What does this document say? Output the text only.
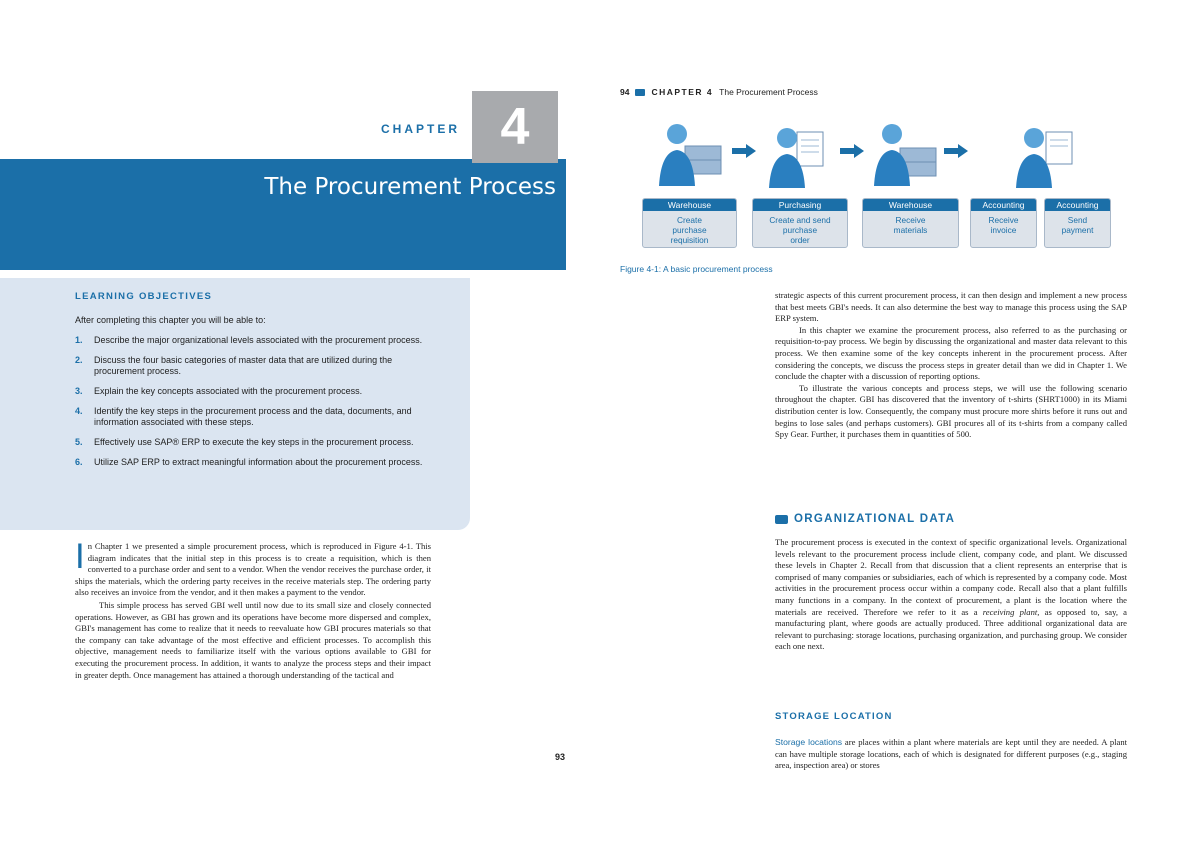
CHAPTER 4
The Procurement Process
LEARNING OBJECTIVES
After completing this chapter you will be able to:
1.	Describe the major organizational levels associated with the procurement process.
2.	Discuss the four basic categories of master data that are utilized during the procurement process.
3.	Explain the key concepts associated with the procurement process.
4.	Identify the key steps in the procurement process and the data, documents, and information associated with these steps.
5.	Effectively use SAP® ERP to execute the key steps in the procurement process.
6.	Utilize SAP ERP to extract meaningful information about the procurement process.

In Chapter 1 we presented a simple procurement process, which is reproduced in Figure 4-1. This diagram indicates that the initial step in this process is to create a requisition, which is then converted to a purchase order and sent to a vendor. When the vendor receives the purchase order, it ships the materials, which the ordering party receives in the receive materials step. The ordering party also receives an invoice from the vendor, and it then makes a payment to the vendor.

This simple process has served GBI well until now due to its small size and closely connected operations. However, as GBI has grown and its operations have become more dispersed and complex, GBI's management has come to realize that it needs to reevaluate how GBI procures materials so that the company can take advantage of the most effective and efficient processes. To accomplish this objective, management needs to familiarize itself with the various options available to GBI for executing the procurement process. In addition, it wants to analyze the process steps and their impact in greater depth. Once management has attained a thorough understanding of the tactical and

93
94	CHAPTER 4 The Procurement Process
Warehouse
Create
purchase
requisition
Purchasing
Create and send
purchase
order
Warehouse
Receive
materials
Accounting
Receive
invoice
Accounting
Send
payment
Figure 4-1: A basic procurement process

strategic aspects of this current procurement process, it can then design and implement a new process that best meets GBI's needs. It can also determine the best way to manage this process using the SAP ERP system.

In this chapter we examine the procurement process, also referred to as the purchasing or requisition-to-pay process. We begin by discussing the organizational and master data relevant to this process. We then examine some of the key concepts inherent in the procurement process. After considering the concepts, we discuss the process steps in greater detail than we did in Chapter 1. We conclude the chapter with a discussion of reporting options.

To illustrate the various concepts and process steps, we will use the following scenario throughout the chapter. GBI has discovered that the inventory of t-shirts (SHRT1000) in its Miami distribution center is low. Consequently, the company must procure more shirts before it runs out and begins to lose sales (and perhaps customers). GBI procures all of its t-shirts from a company called Spy Gear. Further, it purchases them in quantities of 500.

ORGANIZATIONAL DATA

The procurement process is executed in the context of specific organizational levels. Organizational levels relevant to the procurement process include client, company code, and plant. We discussed these levels in Chapter 2. Recall from that discussion that a client represents an enterprise that is comprised of many companies or subsidiaries, each of which is represented by a company code. Most activities in the procurement process occur within a company code. Recall also that a plant fulfills many functions in a company. In the context of procurement, a plant is the location where the materials are received. Therefore we refer to it as a receiving plant, as opposed to, say, a manufacturing plant, where goods are actually produced. Three additional organizational data are relevant to purchasing: storage locations, purchasing organization, and purchasing group. We consider each one next.

STORAGE LOCATION

Storage locations are places within a plant where materials are kept until they are needed. A plant can have multiple storage locations, each of which is designated for different purposes (e.g., staging area, inspection area) or stores
